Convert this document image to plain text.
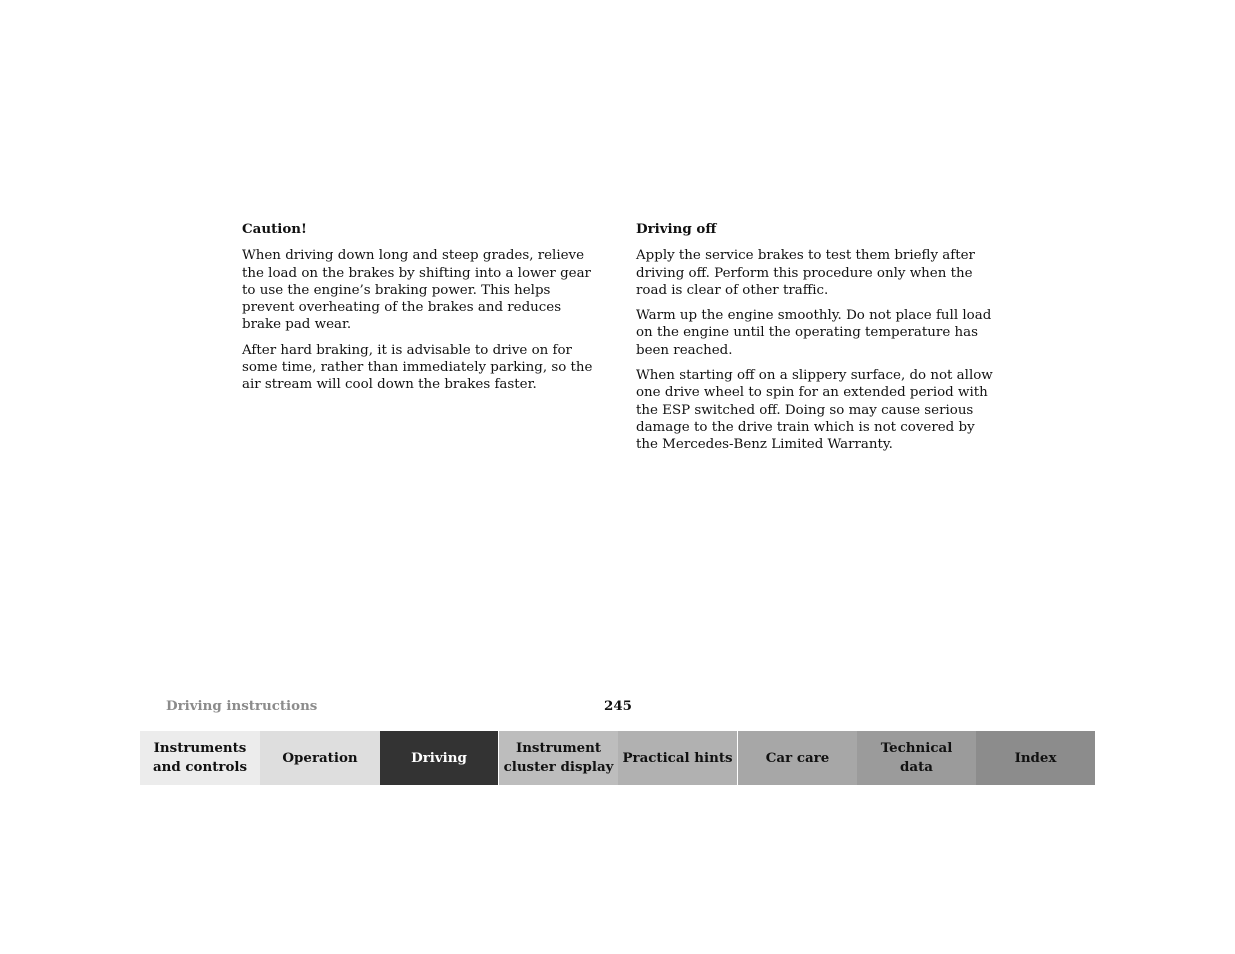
Caution!

When driving down long and steep grades, relieve the load on the brakes by shifting into a lower gear to use the engine’s braking power. This helps prevent overheating of the brakes and reduces brake pad wear.

After hard braking, it is advisable to drive on for some time, rather than immediately parking, so the air stream will cool down the brakes faster.

Driving off

Apply the service brakes to test them briefly after driving off. Perform this procedure only when the road is clear of other traffic.

Warm up the engine smoothly. Do not place full load on the engine until the operating temperature has been reached.

When starting off on a slippery surface, do not allow one drive wheel to spin for an extended period with the ESP switched off. Doing so may cause serious damage to the drive train which is not covered by the Mercedes-Benz Limited Warranty.

Driving instructions	245
Instruments
and controls
Operation	Driving
Instrument
cluster display
Practical hints	Car care
Technical
data
Index
